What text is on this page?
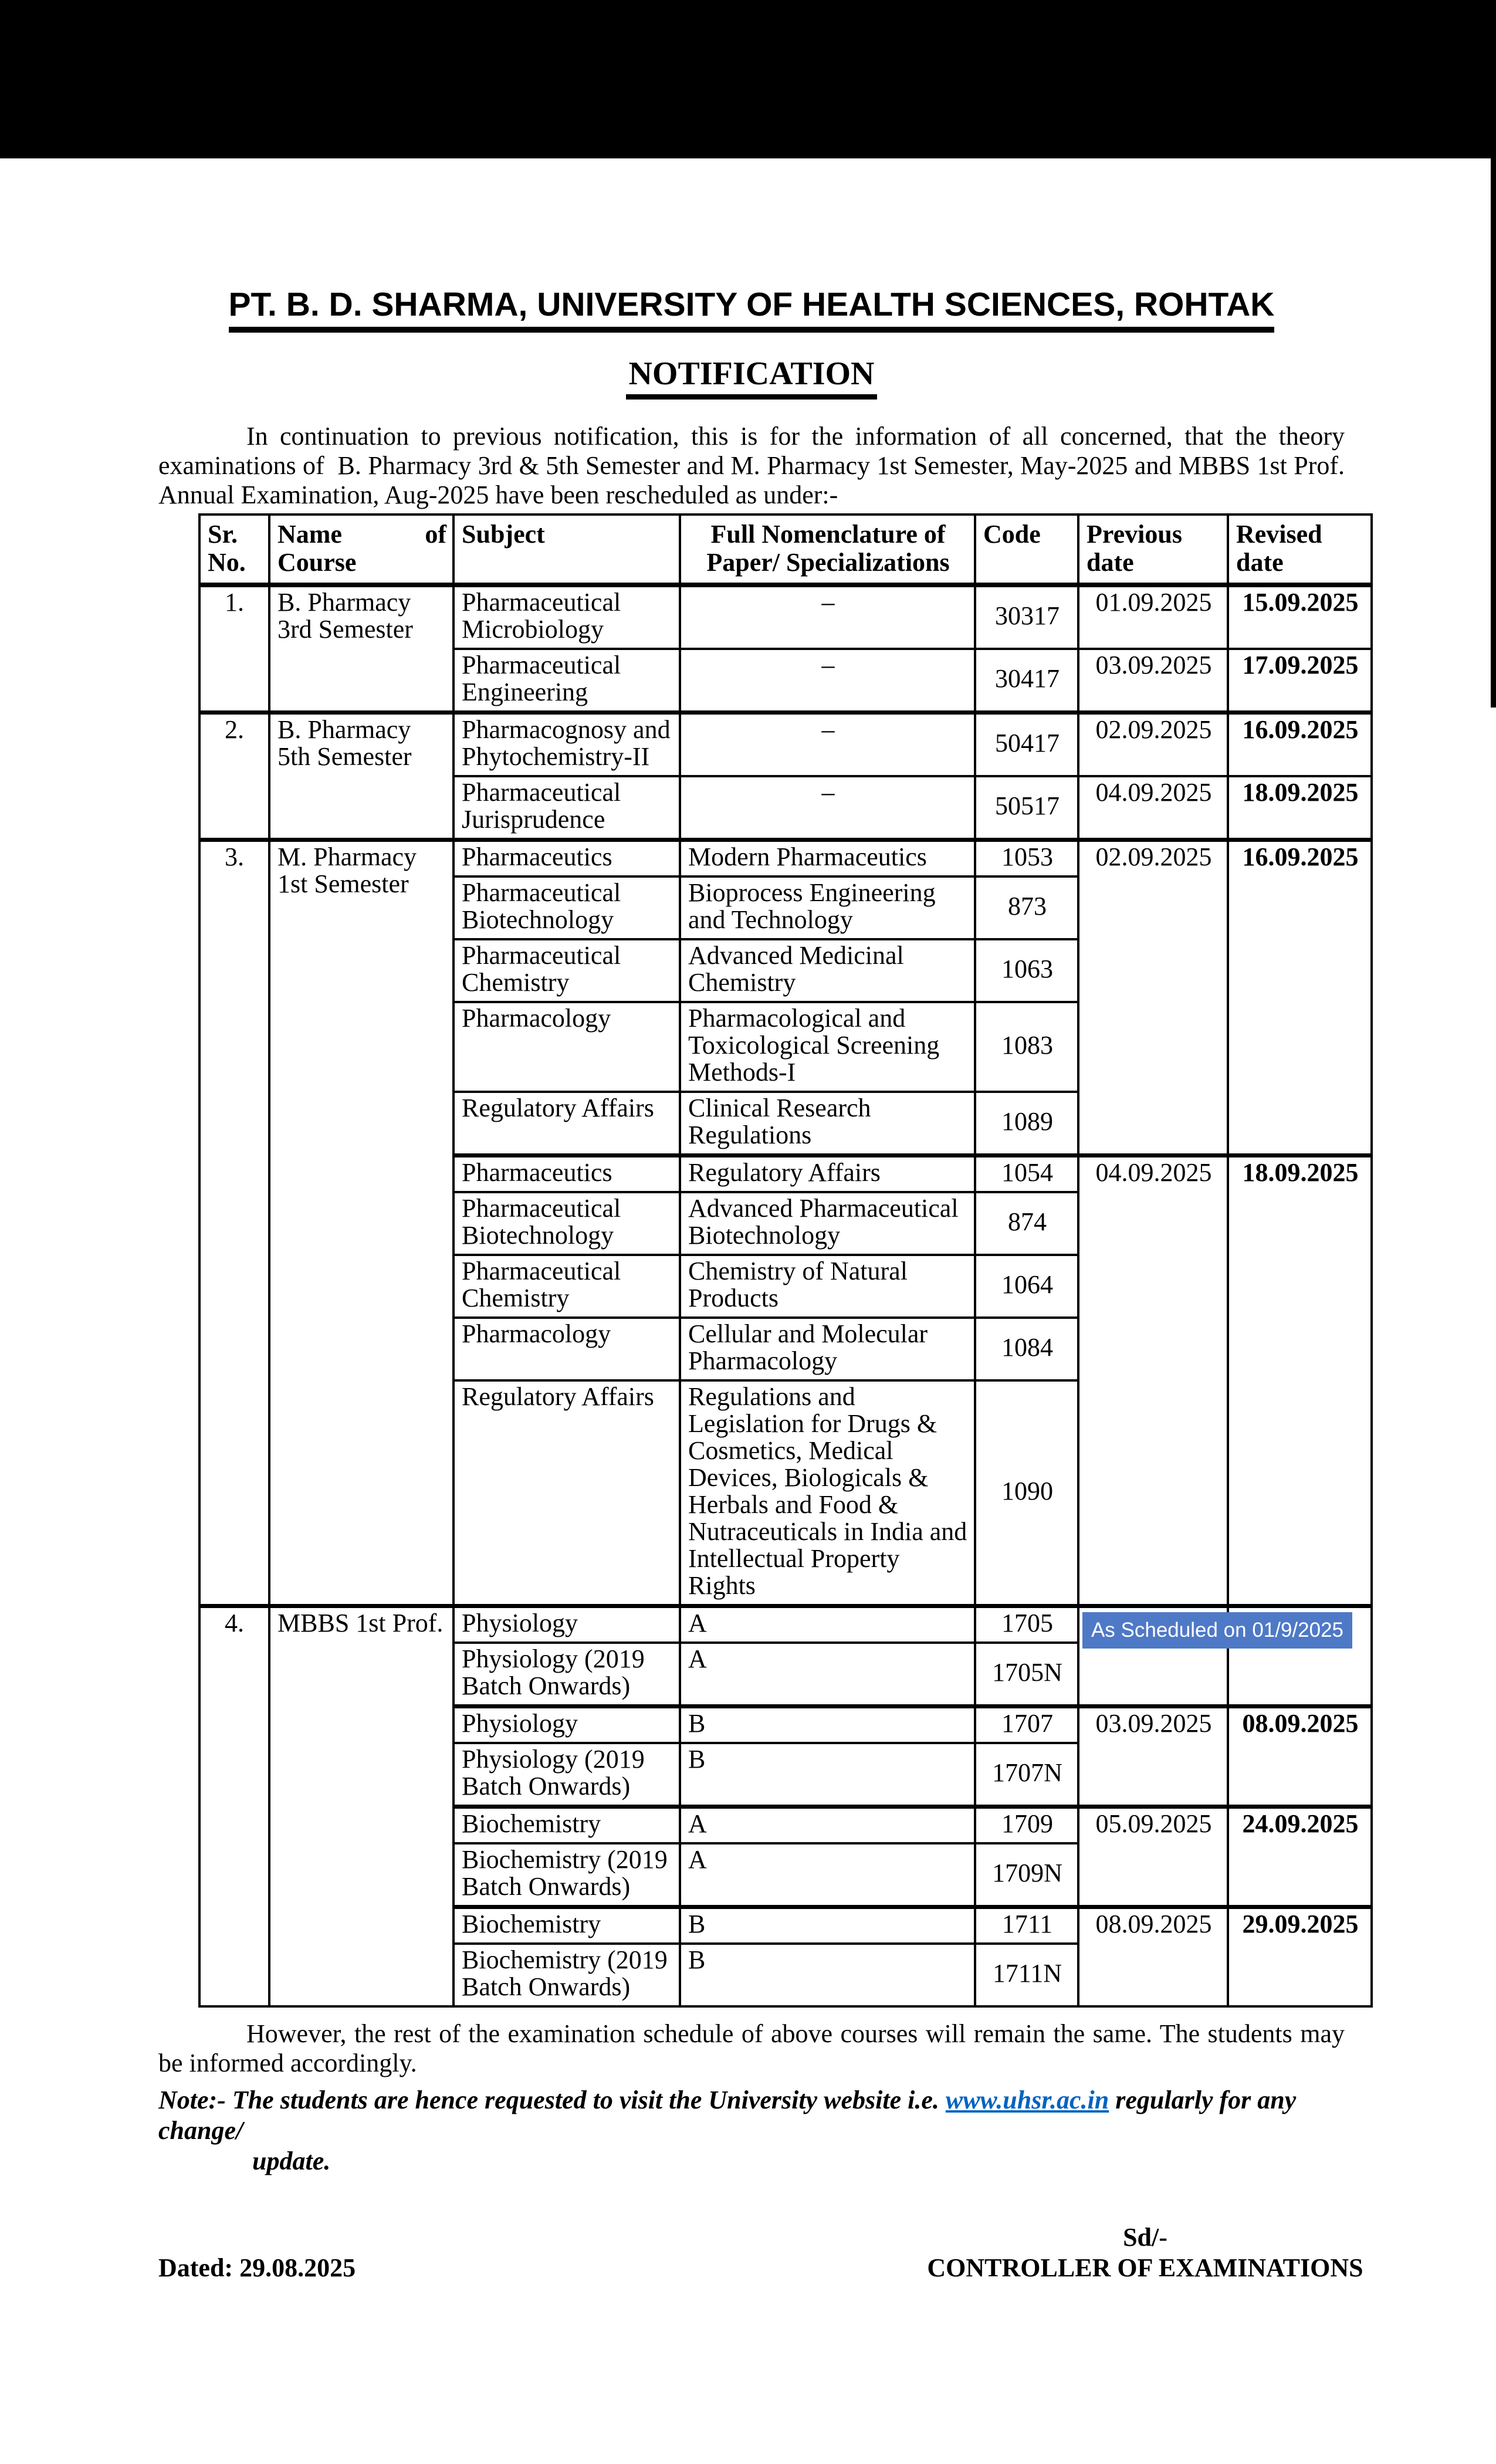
PT. B. D. SHARMA, UNIVERSITY OF HEALTH SCIENCES, ROHTAK
NOTIFICATION

In continuation to previous notification, this is for the information of all concerned, that the theory examinations of  B. Pharmacy 3rd & 5th Semester and M. Pharmacy 1st Semester, May-2025 and MBBS 1st Prof. Annual Examination, Aug-2025 have been rescheduled as under:-

Sr. No.	Name of Course	Subject	Full Nomenclature of Paper/ Specializations	Code	Previous date	Revised date
1.	B. Pharmacy 3rd Semester	Pharmaceutical Microbiology	–	30317	01.09.2025	15.09.2025
		Pharmaceutical Engineering	–	30417	03.09.2025	17.09.2025
2.	B. Pharmacy 5th Semester	Pharmacognosy and Phytochemistry-II	–	50417	02.09.2025	16.09.2025
		Pharmaceutical Jurisprudence	–	50517	04.09.2025	18.09.2025
3.	M. Pharmacy 1st Semester	Pharmaceutics	Modern Pharmaceutics	1053	02.09.2025	16.09.2025
		Pharmaceutical Biotechnology	Bioprocess Engineering and Technology	873		
		Pharmaceutical Chemistry	Advanced Medicinal Chemistry	1063		
		Pharmacology	Pharmacological and Toxicological Screening Methods-I	1083		
		Regulatory Affairs	Clinical Research Regulations	1089		
		Pharmaceutics	Regulatory Affairs	1054	04.09.2025	18.09.2025
		Pharmaceutical Biotechnology	Advanced Pharmaceutical Biotechnology	874		
		Pharmaceutical Chemistry	Chemistry of Natural Products	1064		
		Pharmacology	Cellular and Molecular Pharmacology	1084		
		Regulatory Affairs	Regulations and Legislation for Drugs & Cosmetics, Medical Devices, Biologicals & Herbals and Food & Nutraceuticals in India and Intellectual Property Rights	1090		
4.	MBBS 1st Prof.	Physiology	A	1705	As Scheduled on 01/9/2025	

		Physiology (2019 Batch Onwards)	A	1705N		
		Physiology	B	1707	03.09.2025	08.09.2025
		Physiology (2019 Batch Onwards)	B	1707N		
		Biochemistry	A	1709	05.09.2025	24.09.2025
		Biochemistry (2019 Batch Onwards)	A	1709N		
		Biochemistry	B	1711	08.09.2025	29.09.2025
		Biochemistry (2019 Batch Onwards)	B	1711N		

However, the rest of the examination schedule of above courses will remain the same. The students may be informed accordingly.

Note:- The students are hence requested to visit the University website i.e. www.uhsr.ac.in regularly for any change/
update.
Dated: 29.08.2025
Sd/-
CONTROLLER OF EXAMINATIONS
